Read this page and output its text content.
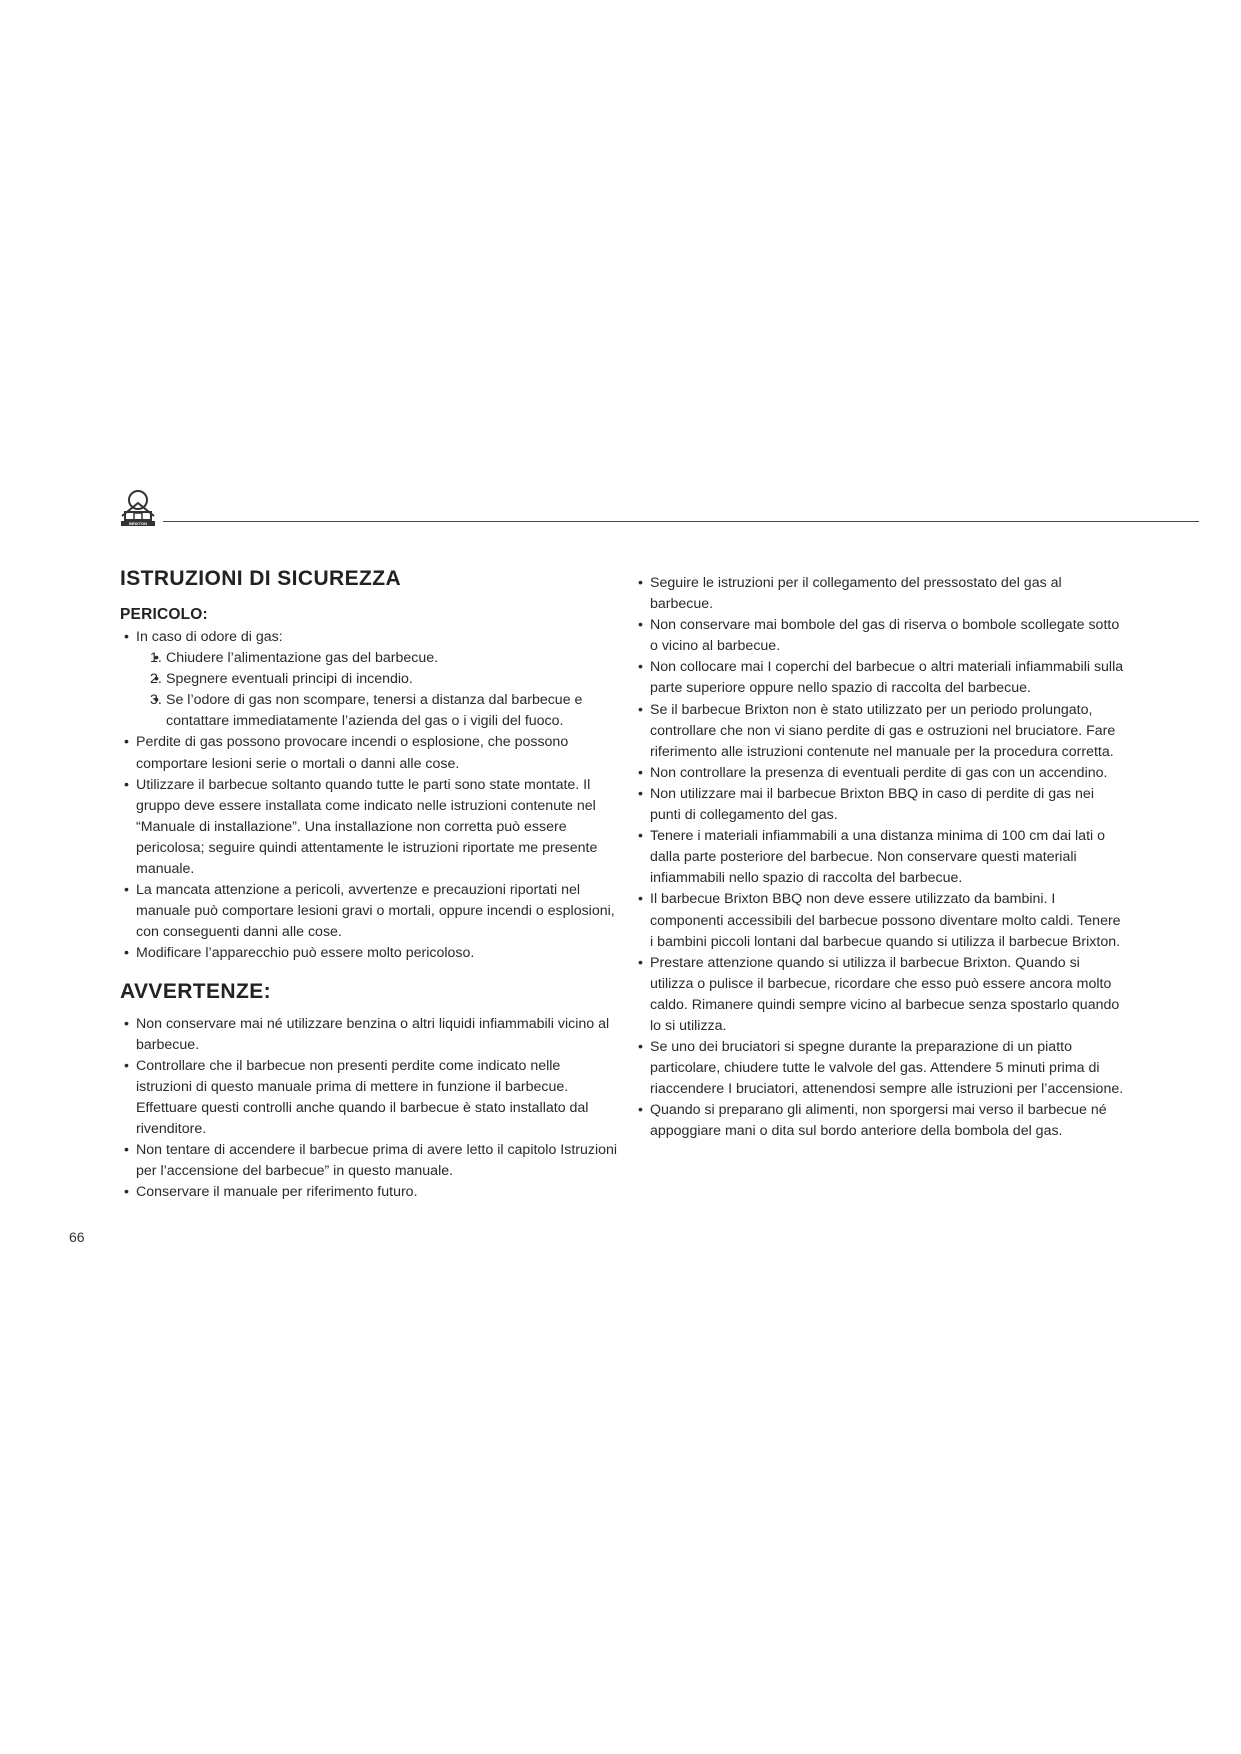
BRIXTON
ISTRUZIONI DI SICUREZZA
PERICOLO:
• In caso di odore di gas:
• 1. Chiudere l’alimentazione gas del barbecue.
• 2. Spegnere eventuali principi di incendio.
• 3. Se l’odore di gas non scompare, tenersi a distanza dal barbecue e contattare immediatamente l’azienda del gas o i vigili del fuoco.
• Perdite di gas possono provocare incendi o esplosione, che possono comportare lesioni serie o mortali o danni alle cose.
• Utilizzare il barbecue soltanto quando tutte le parti sono state montate. Il gruppo deve essere installata come indicato nelle istruzioni contenute nel “Manuale di installazione”. Una installazione non corretta può essere pericolosa; seguire quindi attentamente le istruzioni riportate me presente manuale.
• La mancata attenzione a pericoli, avvertenze e precauzioni riportati nel manuale può comportare lesioni gravi o mortali, oppure incendi o esplosioni, con conseguenti danni alle cose.
• Modificare l’apparecchio può essere molto pericoloso.
AVVERTENZE:
• Non conservare mai né utilizzare benzina o altri liquidi infiammabili vicino al barbecue.
• Controllare che il barbecue non presenti perdite come indicato nelle istruzioni di questo manuale prima di mettere in funzione il barbecue. Effettuare questi controlli anche quando il barbecue è stato installato dal rivenditore.
• Non tentare di accendere il barbecue prima di avere letto il capitolo Istruzioni per l’accensione del barbecue” in questo manuale.
• Conservare il manuale per riferimento futuro.
• Seguire le istruzioni per il collegamento del pressostato del gas al barbecue.
• Non conservare mai bombole del gas di riserva o bombole scollegate sotto o vicino al barbecue.
• Non collocare mai I coperchi del barbecue o altri materiali infiammabili sulla parte superiore oppure nello spazio di raccolta del barbecue.
• Se il barbecue Brixton non è stato utilizzato per un periodo prolungato, controllare che non vi siano perdite di gas e ostruzioni nel bruciatore. Fare riferimento alle istruzioni contenute nel manuale per la procedura corretta.
• Non controllare la presenza di eventuali perdite di gas con un accendino.
• Non utilizzare mai il barbecue Brixton BBQ in caso di perdite di gas nei punti di collegamento del gas.
• Tenere i materiali infiammabili a una distanza minima di 100 cm dai lati o dalla parte posteriore del barbecue. Non conservare questi materiali infiammabili nello spazio di raccolta del barbecue.
• Il barbecue Brixton BBQ non deve essere utilizzato da bambini. I componenti accessibili del barbecue possono diventare molto caldi. Tenere i bambini piccoli lontani dal barbecue quando si utilizza il barbecue Brixton.
• Prestare attenzione quando si utilizza il barbecue Brixton. Quando si utilizza o pulisce il barbecue, ricordare che esso può essere ancora molto caldo. Rimanere quindi sempre vicino al barbecue senza spostarlo quando lo si utilizza.
• Se uno dei bruciatori si spegne durante la preparazione di un piatto particolare, chiudere tutte le valvole del gas. Attendere 5 minuti prima di riaccendere I bruciatori, attenendosi sempre alle istruzioni per l’accensione.
• Quando si preparano gli alimenti, non sporgersi mai verso il barbecue né appoggiare mani o dita sul bordo anteriore della bombola del gas.
66
